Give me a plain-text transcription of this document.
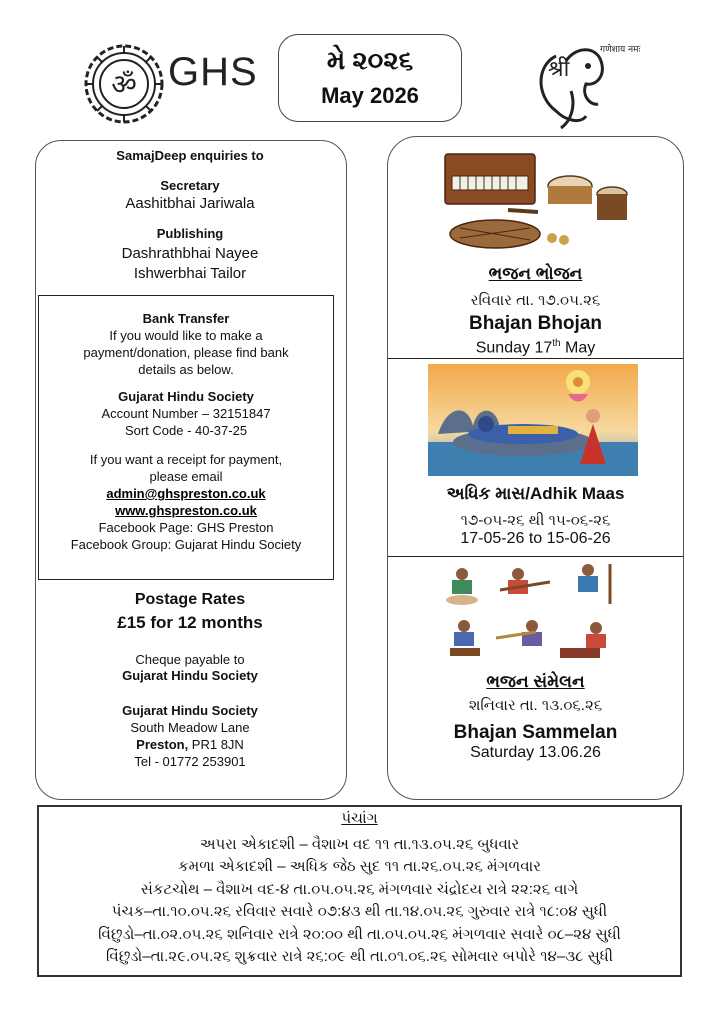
ॐ GHS	મે ૨૦૨૬
May 2026
श्री
गणेशाय नमः
SamajDeep enquiries to
Secretary
Aashitbhai Jariwala
Publishing
Dashrathbhai Nayee
Ishwerbhai Tailor
Bank Transfer
If you would like to make a
payment/donation, please find bank
details as below.
Gujarat Hindu Society
Account Number – 32151847
Sort Code - 40-37-25
If you want a receipt for payment,
please email
admin@ghspreston.co.uk
www.ghspreston.co.uk
Facebook Page: GHS Preston
Facebook Group: Gujarat Hindu Society
Postage Rates
£15 for 12 months
Cheque payable to
Gujarat Hindu Society
Gujarat Hindu Society
South Meadow Lane
Preston, PR1 8JN
Tel - 01772 253901
ભજન ભોજન
રવિવાર તા. ૧૭.૦૫.૨૬
Bhajan Bhojan
Sunday 17th May
અધિક માસ/Adhik Maas
૧૭-૦૫-૨૬ થી ૧૫-૦૬-૨૬
17-05-26 to 15-06-26
ભજન સંમેલન
શનિવાર તા. ૧૩.૦૬.૨૬
Bhajan Sammelan
Saturday 13.06.26
પંચાંગ
અપરા એકાદશી – વૈશાખ વદ ૧૧ તા.૧૩.૦૫.૨૬ બુધવાર
કમળા એકાદશી – અધિક જેઠ સુદ ૧૧ તા.૨૬.૦૫.૨૬ મંગળવાર
સંકટચોથ – વૈશાખ વદ-૪ તા.૦૫.૦૫.૨૬ મંગળવાર ચંદ્રોદય રાત્રે ૨૨:૨૬ વાગે
પંચક–તા.૧૦.૦૫.૨૬ રવિવાર સવારે ૦૭:૪૩ થી તા.૧૪.૦૫.૨૬ ગુરુવાર રાત્રે ૧૮:૦૪ સુધી
વિંછુડો–તા.૦૨.૦૫.૨૬ શનિવાર રાત્રે ૨૦:૦૦ થી તા.૦૫.૦૫.૨૬ મંગળવાર સવારે ૦૮–૨૪ સુધી
વિંછુડો–તા.૨૯.૦૫.૨૬ શુક્રવાર રાત્રે ૨૬:૦૯ થી તા.૦૧.૦૬.૨૬ સોમવાર બપોરે ૧૪–૩૮ સુધી
